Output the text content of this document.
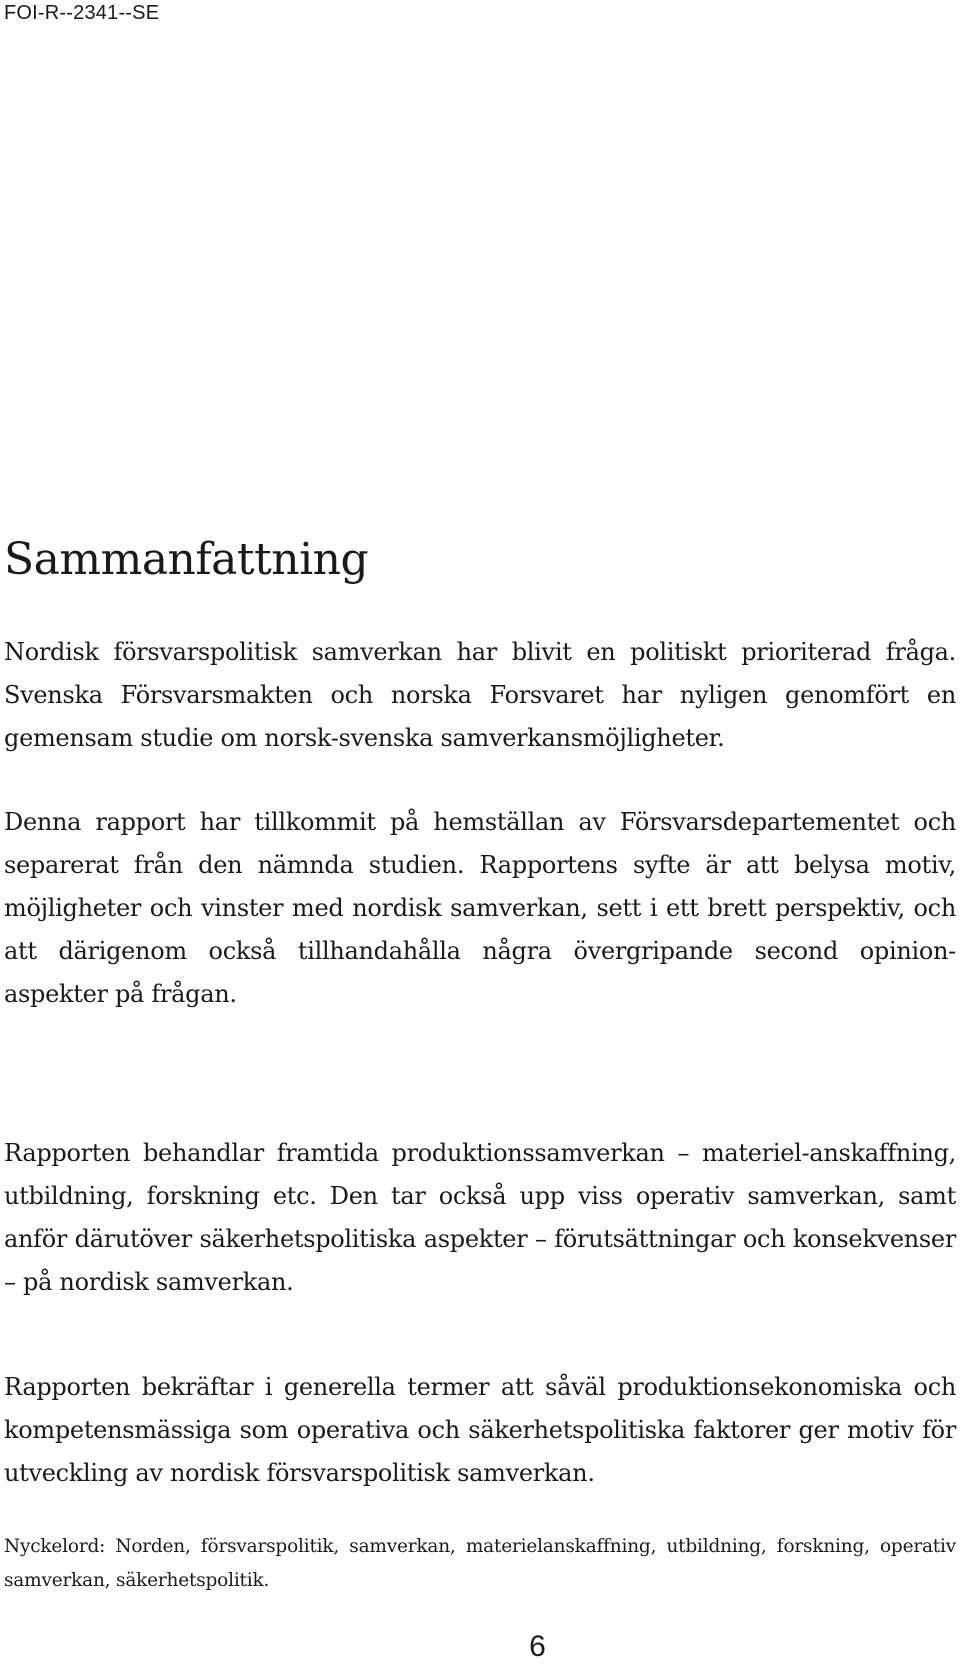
FOI-R--2341--SE
Sammanfattning

Nordisk försvarspolitisk samverkan har blivit en politiskt prioriterad fråga. Svenska Försvarsmakten och norska Forsvaret har nyligen genomfört en gemensam studie om norsk-svenska samverkansmöjligheter.

Denna rapport har tillkommit på hemställan av Försvarsdepartementet och separerat från den nämnda studien. Rapportens syfte är att belysa motiv, möjligheter och vinster med nordisk samverkan, sett i ett brett perspektiv, och att därigenom också tillhandahålla några övergripande second opinion-aspekter på frågan.

Rapporten behandlar framtida produktionssamverkan – materiel-anskaffning, utbildning, forskning etc. Den tar också upp viss operativ samverkan, samt anför därutöver säkerhetspolitiska aspekter – förutsättningar och konsekvenser – på nordisk samverkan.

Rapporten bekräftar i generella termer att såväl produktionsekonomiska och kompetensmässiga som operativa och säkerhetspolitiska faktorer ger motiv för utveckling av nordisk försvarspolitisk samverkan.

Nyckelord: Norden, försvarspolitik, samverkan, materielanskaffning, utbildning, forskning, operativ samverkan, säkerhetspolitik.

6
